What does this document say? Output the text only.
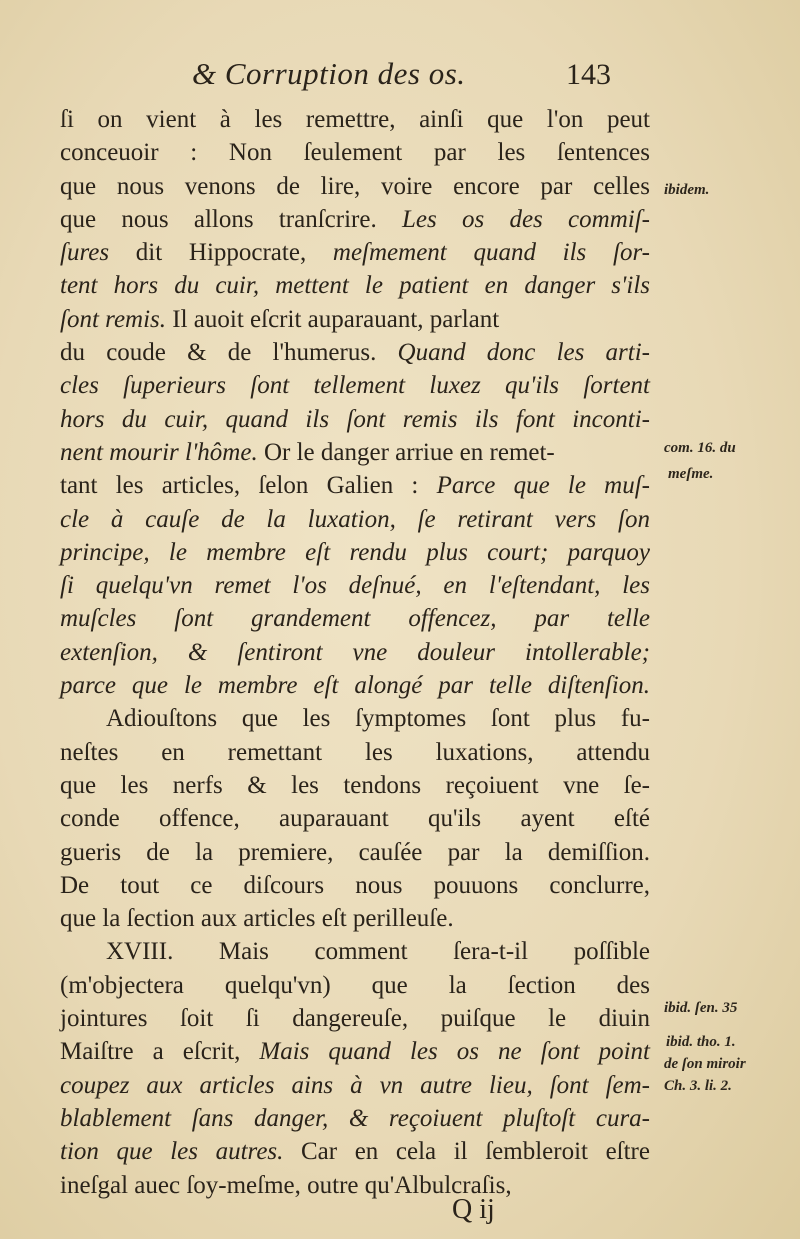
& Corruption des os.	143
ſi on vient à les remettre, ainſi que l'on peut
conceuoir : Non ſeulement par les ſentences
que nous venons de lire, voire encore par celles
que nous allons tranſcrire. Les os des commiſ-
ſures dit Hippocrate, meſmement quand ils ſor-
tent hors du cuir, mettent le patient en danger s'ils
ſont remis. Il auoit eſcrit auparauant, parlant
du coude & de l'humerus. Quand donc les arti-
cles ſuperieurs ſont tellement luxez qu'ils ſortent
hors du cuir, quand ils ſont remis ils font inconti-
nent mourir l'hôme. Or le danger arriue en remet-
tant les articles, ſelon Galien : Parce que le muſ-
cle à cauſe de la luxation, ſe retirant vers ſon
principe, le membre eſt rendu plus court; parquoy
ſi quelqu'vn remet l'os deſnué, en l'eſtendant, les
muſcles ſont grandement offencez, par telle
extenſion, & ſentiront vne douleur intollerable;
parce que le membre eſt alongé par telle diſtenſion.
Adiouſtons que les ſymptomes ſont plus fu-
neſtes en remettant les luxations, attendu
que les nerfs & les tendons reçoiuent vne ſe-
conde offence, auparauant qu'ils ayent eſté
gueris de la premiere, cauſée par la demiſſion.
De tout ce diſcours nous pouuons conclurre,
que la ſection aux articles eſt perilleuſe.
XVIII. Mais comment ſera-t-il poſſible
(m'objectera quelqu'vn) que la ſection des
jointures ſoit ſi dangereuſe, puiſque le diuin
Maiſtre a eſcrit, Mais quand les os ne ſont point
coupez aux articles ains à vn autre lieu, ſont ſem-
blablement ſans danger, & reçoiuent pluſtoſt cura-
tion que les autres. Car en cela il ſembleroit eſtre
ineſgal auec ſoy-meſme, outre qu'Albulcraſis,
ibidem.
com. 16. du
meſme.
ibid. ſen. 35
ibid. tho. 1.
de ſon miroir
Ch. 3. li. 2.
Q ij
